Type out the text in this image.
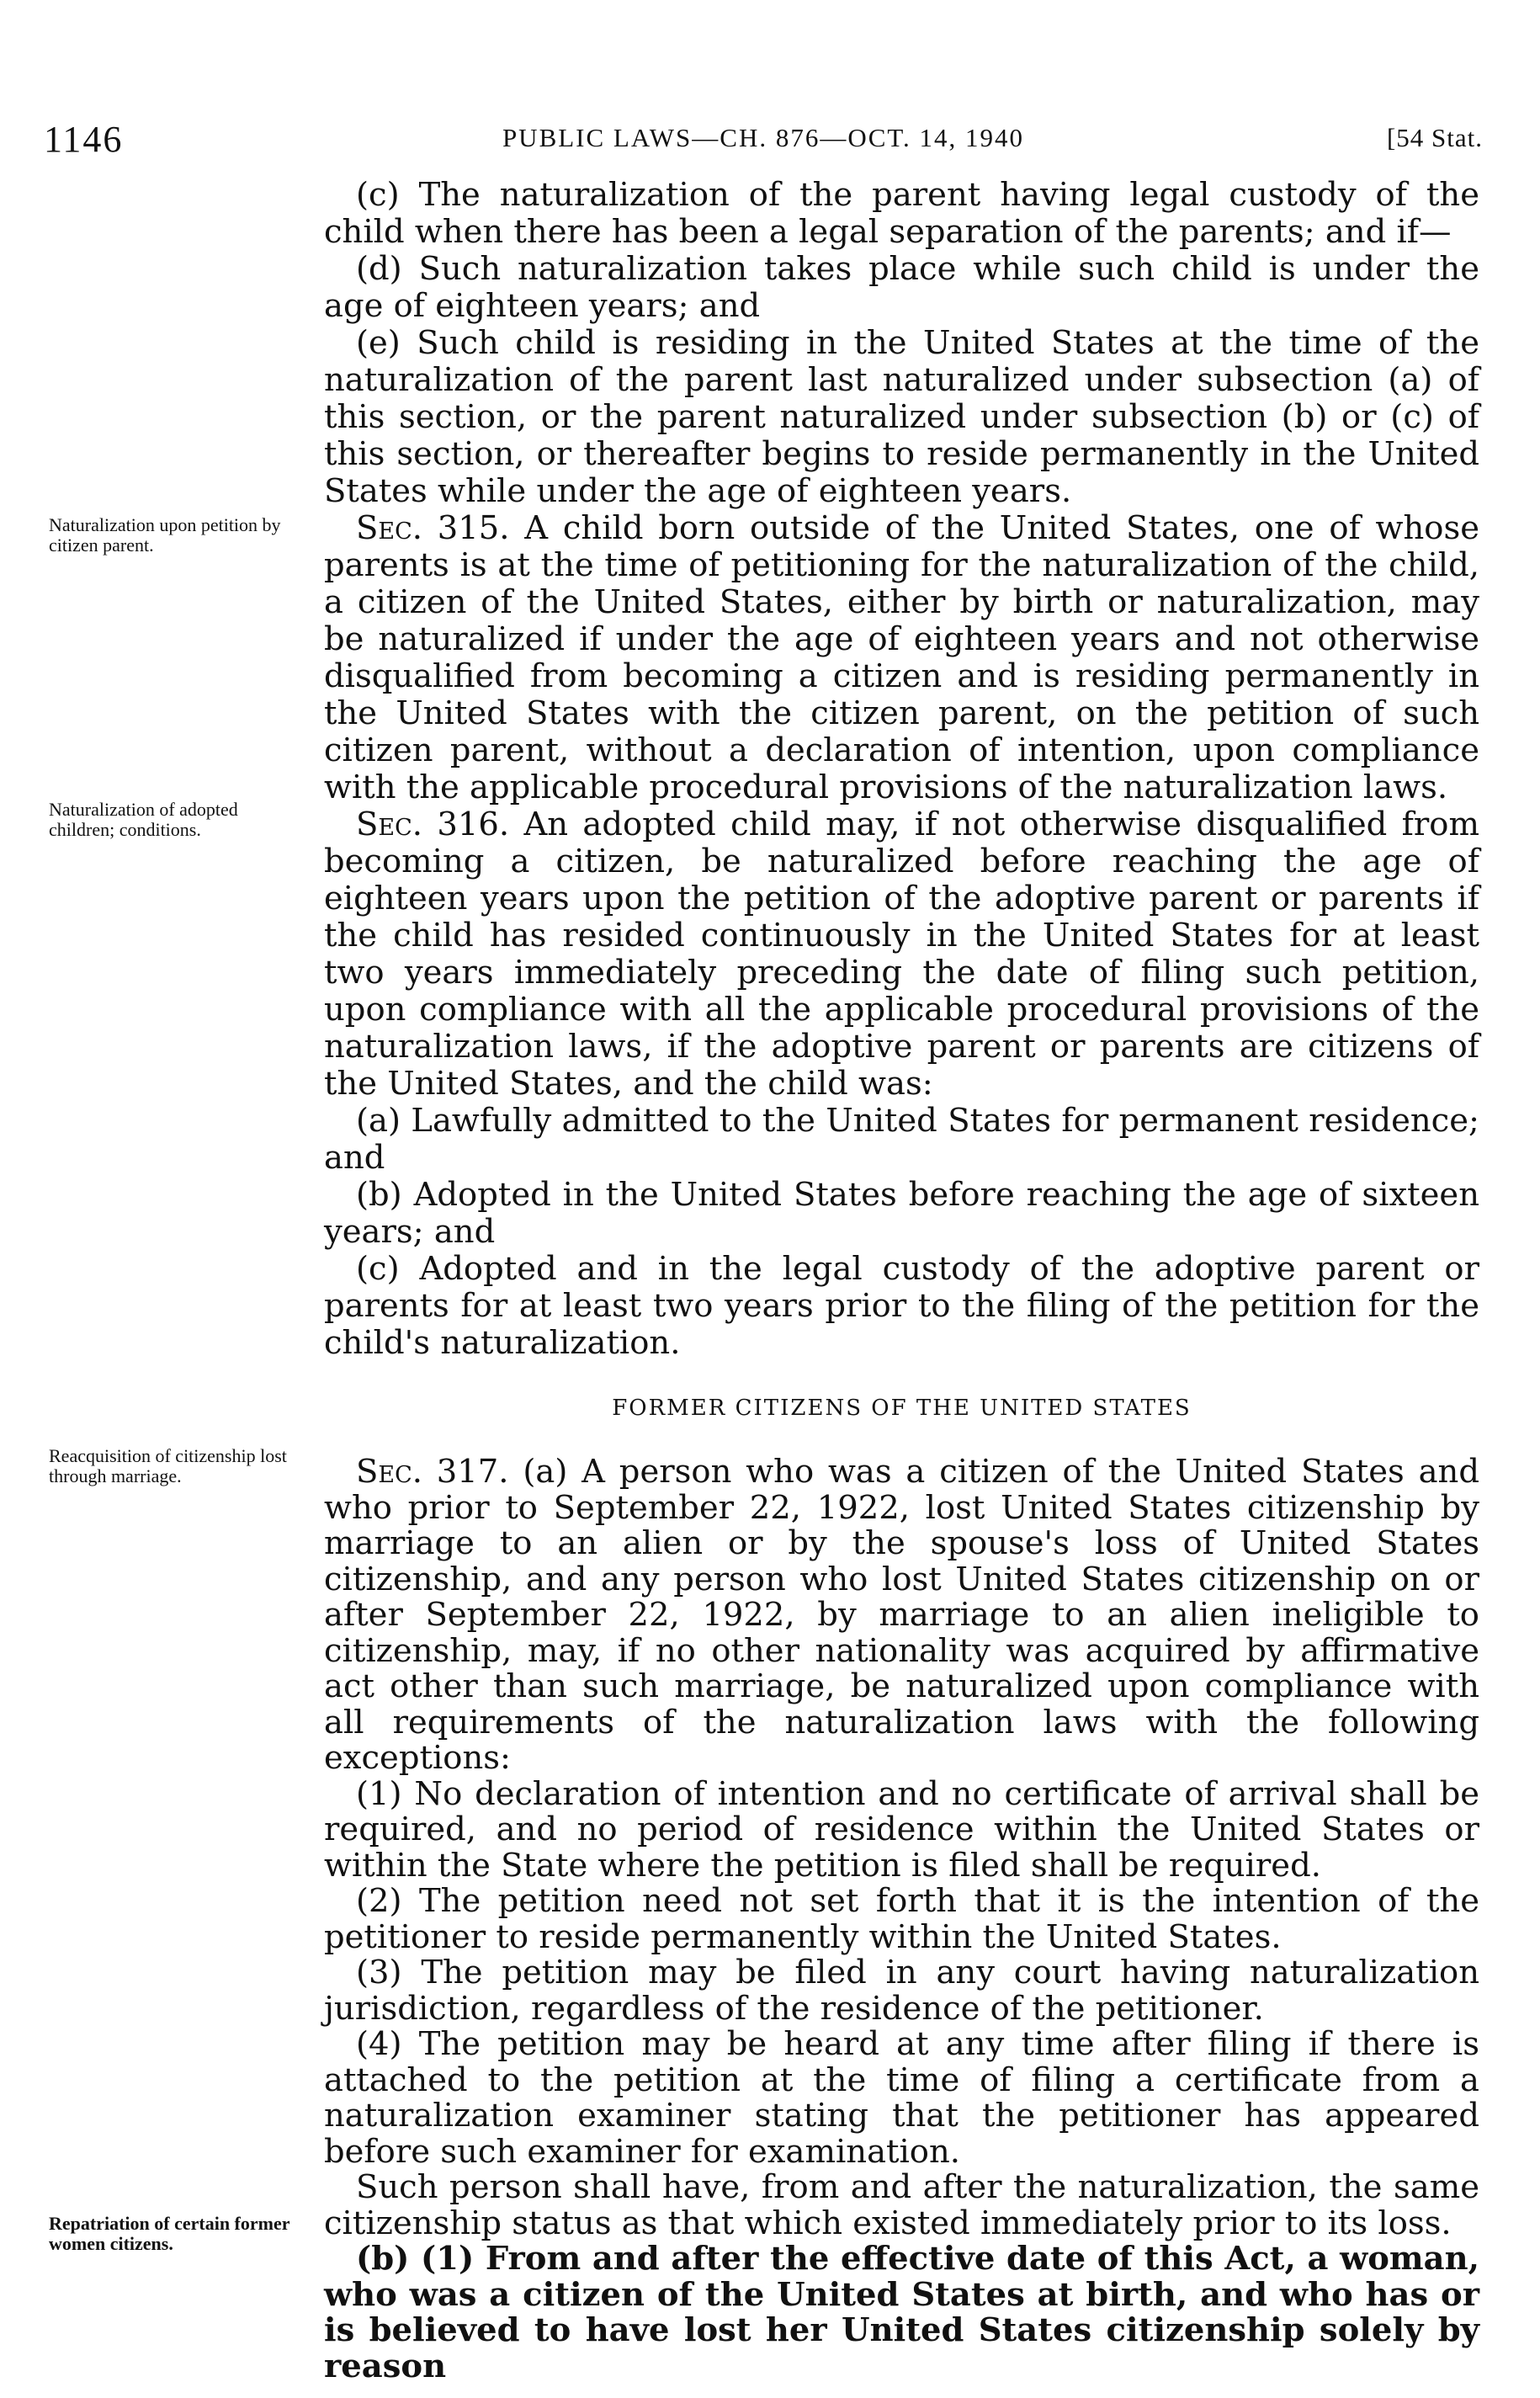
1146	PUBLIC LAWS—CH. 876—OCT. 14, 1940	[54 Stat.
Naturalization upon petition by citizen parent.
Naturalization of adopted children; conditions.
Reacquisition of citizenship lost through marriage.
Repatriation of certain former women citizens.

(c) The naturalization of the parent having legal custody of the child when there has been a legal separation of the parents; and if—

(d) Such naturalization takes place while such child is under the age of eighteen years; and

(e) Such child is residing in the United States at the time of the naturalization of the parent last naturalized under subsection (a) of this section, or the parent naturalized under subsection (b) or (c) of this section, or thereafter begins to reside permanently in the United States while under the age of eighteen years.

Sec. 315. A child born outside of the United States, one of whose parents is at the time of petitioning for the naturalization of the child, a citizen of the United States, either by birth or naturalization, may be naturalized if under the age of eighteen years and not otherwise disqualified from becoming a citizen and is residing permanently in the United States with the citizen parent, on the petition of such citizen parent, without a declaration of intention, upon compliance with the applicable procedural provisions of the naturalization laws.

Sec. 316. An adopted child may, if not otherwise disqualified from becoming a citizen, be naturalized before reaching the age of eighteen years upon the petition of the adoptive parent or parents if the child has resided continuously in the United States for at least two years immediately preceding the date of filing such petition, upon compliance with all the applicable procedural provisions of the naturalization laws, if the adoptive parent or parents are citizens of the United States, and the child was:

(a) Lawfully admitted to the United States for permanent residence; and

(b) Adopted in the United States before reaching the age of sixteen years; and

(c) Adopted and in the legal custody of the adoptive parent or parents for at least two years prior to the filing of the petition for the child's naturalization.

FORMER CITIZENS OF THE UNITED STATES

Sec. 317. (a) A person who was a citizen of the United States and who prior to September 22, 1922, lost United States citizenship by marriage to an alien or by the spouse's loss of United States citizenship, and any person who lost United States citizenship on or after September 22, 1922, by marriage to an alien ineligible to citizenship, may, if no other nationality was acquired by affirmative act other than such marriage, be naturalized upon compliance with all requirements of the naturalization laws with the following exceptions:

(1) No declaration of intention and no certificate of arrival shall be required, and no period of residence within the United States or within the State where the petition is filed shall be required.

(2) The petition need not set forth that it is the intention of the petitioner to reside permanently within the United States.

(3) The petition may be filed in any court having naturalization jurisdiction, regardless of the residence of the petitioner.

(4) The petition may be heard at any time after filing if there is attached to the petition at the time of filing a certificate from a naturalization examiner stating that the petitioner has appeared before such examiner for examination.

Such person shall have, from and after the naturalization, the same citizenship status as that which existed immediately prior to its loss.

(b) (1) From and after the effective date of this Act, a woman, who was a citizen of the United States at birth, and who has or is believed to have lost her United States citizenship solely by reason
